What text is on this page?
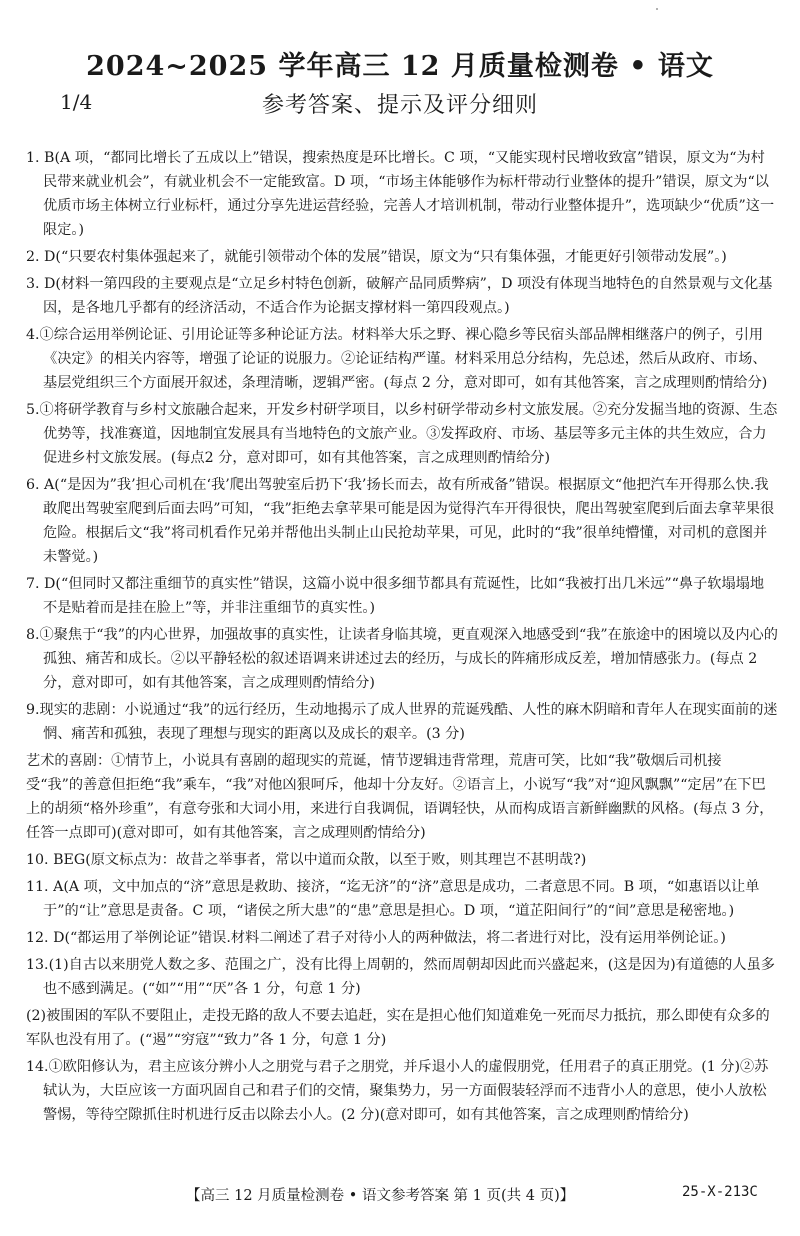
2024~2025 学年高三 12 月质量检测卷 • 语文
1/4	参考答案、提示及评分细则

1. B(A 项，“都同比增长了五成以上”错误，搜索热度是环比增长。C 项，“又能实现村民增收致富”错误，原文为“为村民带来就业机会”，有就业机会不一定能致富。D 项，“市场主体能够作为标杆带动行业整体的提升”错误，原文为“以优质市场主体树立行业标杆，通过分享先进运营经验，完善人才培训机制，带动行业整体提升”，选项缺少“优质”这一限定。)

2. D(“只要农村集体强起来了，就能引领带动个体的发展”错误，原文为“只有集体强，才能更好引领带动发展”。)

3. D(材料一第四段的主要观点是“立足乡村特色创新，破解产品同质弊病”，D 项没有体现当地特色的自然景观与文化基因，是各地几乎都有的经济活动，不适合作为论据支撑材料一第四段观点。)

4.①综合运用举例论证、引用论证等多种论证方法。材料举大乐之野、裸心隐乡等民宿头部品牌相继落户的例子，引用《决定》的相关内容等，增强了论证的说服力。②论证结构严谨。材料采用总分结构，先总述，然后从政府、市场、基层党组织三个方面展开叙述，条理清晰，逻辑严密。(每点 2 分，意对即可，如有其他答案，言之成理则酌情给分)

5.①将研学教育与乡村文旅融合起来，开发乡村研学项目，以乡村研学带动乡村文旅发展。②充分发掘当地的资源、生态优势等，找准赛道，因地制宜发展具有当地特色的文旅产业。③发挥政府、市场、基层等多元主体的共生效应，合力促进乡村文旅发展。(每点2 分，意对即可，如有其他答案，言之成理则酌情给分)

6. A(“是因为”我’担心司机在‘我’爬出驾驶室后扔下‘我’扬长而去，故有所戒备”错误。根据原文“他把汽车开得那么快.我敢爬出驾驶室爬到后面去吗”可知，“我”拒绝去拿苹果可能是因为觉得汽车开得很快，爬出驾驶室爬到后面去拿苹果很危险。根据后文“我”将司机看作兄弟并帮他出头制止山民抢劫苹果，可见，此时的“我”很单纯懵懂，对司机的意图并未警觉。)

7. D(“但同时又都注重细节的真实性”错误，这篇小说中很多细节都具有荒诞性，比如“我被打出几米远”“鼻子软塌塌地不是贴着而是挂在脸上”等，并非注重细节的真实性。)

8.①聚焦于“我”的内心世界，加强故事的真实性，让读者身临其境，更直观深入地感受到“我”在旅途中的困境以及内心的孤独、痛苦和成长。②以平静轻松的叙述语调来讲述过去的经历，与成长的阵痛形成反差，增加情感张力。(每点 2 分，意对即可，如有其他答案，言之成理则酌情给分)

9.现实的悲剧：小说通过“我”的远行经历，生动地揭示了成人世界的荒诞残酷、人性的麻木阴暗和青年人在现实面前的迷惘、痛苦和孤独，表现了理想与现实的距离以及成长的艰辛。(3 分)

艺术的喜剧：①情节上，小说具有喜剧的超现实的荒诞，情节逻辑违背常理，荒唐可笑，比如“我”敬烟后司机接受“我”的善意但拒绝“我”乘车，“我”对他凶狠呵斥，他却十分友好。②语言上，小说写“我”对“迎风飘飘”“定居”在下巴上的胡须“格外珍重”，有意夸张和大词小用，来进行自我调侃，语调轻快，从而构成语言新鲜幽默的风格。(每点 3 分，任答一点即可)(意对即可，如有其他答案，言之成理则酌情给分)

10. BEG(原文标点为：故昔之举事者，常以中道而众散，以至于败，则其理岂不甚明哉?)

11. A(A 项，文中加点的“济”意思是救助、接济，“迄无济”的“济”意思是成功，二者意思不同。B 项，“如惠语以让单于”的“让”意思是责备。C 项，“诸侯之所大患”的“患”意思是担心。D 项，“道芷阳间行”的“间”意思是秘密地。)

12. D(“都运用了举例论证”错误.材料二阐述了君子对待小人的两种做法，将二者进行对比，没有运用举例论证。)

13.(1)自古以来朋党人数之多、范围之广，没有比得上周朝的，然而周朝却因此而兴盛起来，(这是因为)有道德的人虽多也不感到满足。(“如”“用”“厌”各 1 分，句意 1 分)

(2)被围困的军队不要阻止，走投无路的敌人不要去追赶，实在是担心他们知道难免一死而尽力抵抗，那么即使有众多的军队也没有用了。(“遏”“穷寇”“致力”各 1 分，句意 1 分)

14.①欧阳修认为，君主应该分辨小人之朋党与君子之朋党，并斥退小人的虚假朋党，任用君子的真正朋党。(1 分)②苏轼认为，大臣应该一方面巩固自己和君子们的交情，聚集势力，另一方面假装轻浮而不违背小人的意思，使小人放松警惕，等待空隙抓住时机进行反击以除去小人。(2 分)(意对即可，如有其他答案，言之成理则酌情给分)

【高三 12 月质量检测卷 • 语文参考答案 第 1 页(共 4 页)】	25-X-213C
